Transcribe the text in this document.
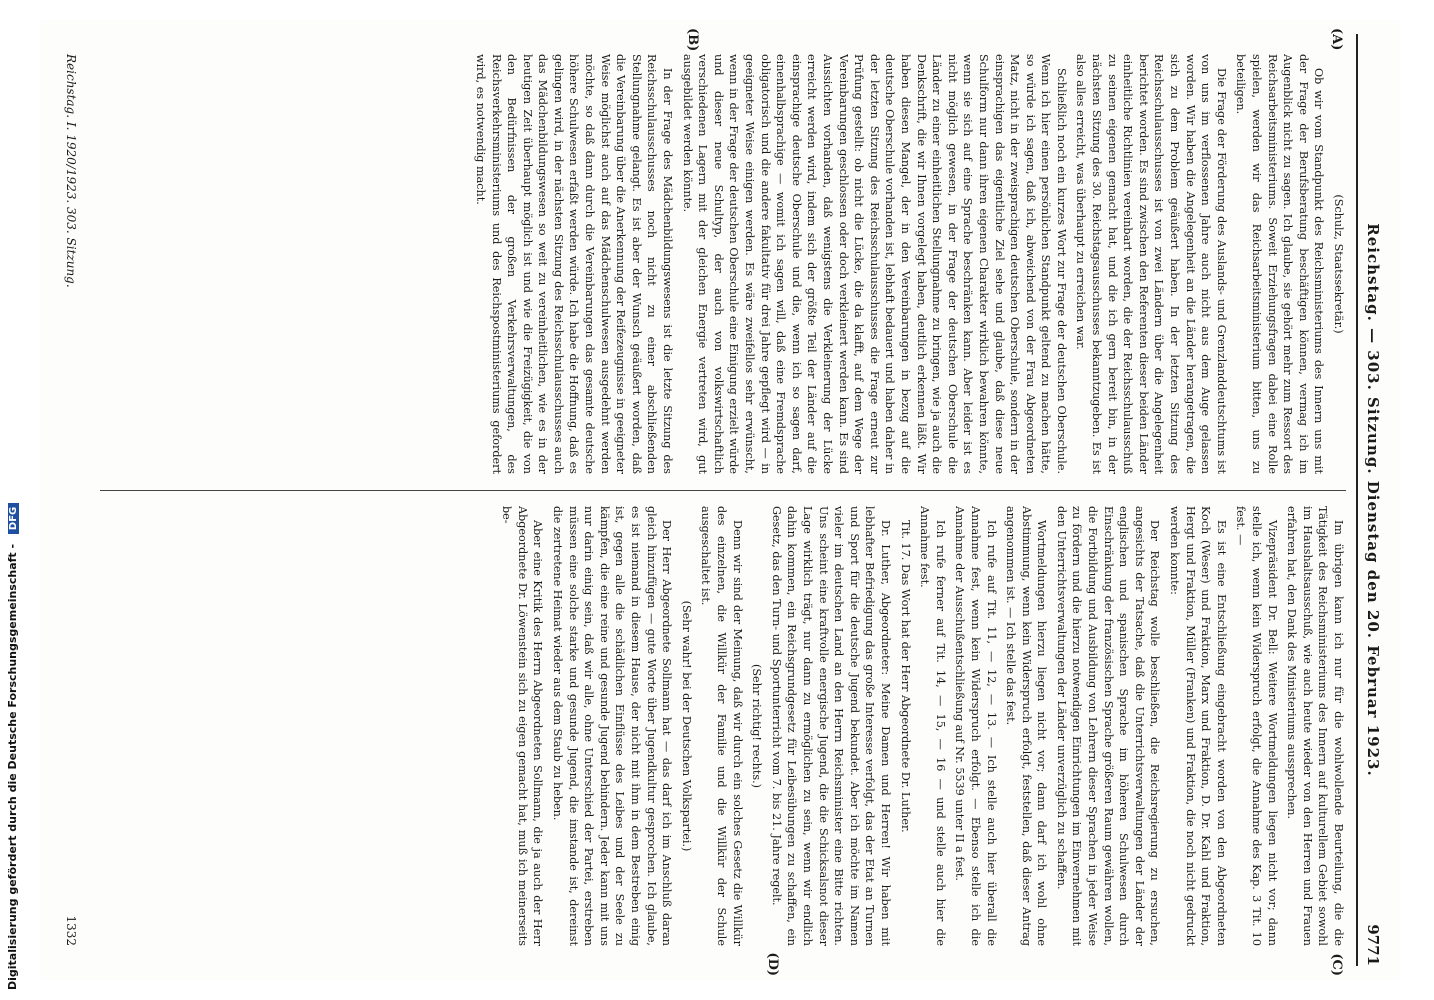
Digitalisierung gefördert durch die Deutsche Forschungsgemeinschaft - DFG	Reichstag. — 303. Sitzung. Dienstag den 20. Februar 1923.
9771
(A)
(B)
(C)
(D)

(Schulz, Staatssekretär.)

Ob wir vom Standpunkt des Reichsministeriums des Innern uns mit der Frage der Berufsberatung beschäftigen können, vermag ich im Augenblick nicht zu sagen. Ich glaube, sie gehört mehr zum Ressort des Reichsarbeitsministeriums. Soweit Erziehungsfragen dabei eine Rolle spielen, werden wir das Reichsarbeitsministerium bitten, uns zu beteiligen.

Die Frage der Förderung des Auslands- und Grenzlanddeutschtums ist von uns im verflossenen Jahre auch nicht aus dem Auge gelassen worden. Wir haben die Angelegenheit an die Länder herangetragen, die sich zu dem Problem geäußert haben. In der letzten Sitzung des Reichsschulausschusses ist von zwei Ländern über die Angelegenheit berichtet worden. Es sind zwischen den Referenten dieser beiden Länder einheitliche Richtlinien vereinbart worden, die der Reichsschulausschuß zu seinen eigenen gemacht hat, und die ich gern bereit bin, in der nächsten Sitzung des 30. Reichstagsausschusses bekanntzugeben. Es ist also alles erreicht, was überhaupt zu erreichen war.

Schließlich noch ein kurzes Wort zur Frage der deutschen Oberschule. Wenn ich hier einen persönlichen Standpunkt geltend zu machen hätte, so würde ich sagen, daß ich, abweichend von der Frau Abgeordneten Matz, nicht in der zweisprachigen deutschen Oberschule, sondern in der einsprachigen das eigentliche Ziel sehe und glaube, daß diese neue Schulform nur dann ihren eigenen Charakter wirklich bewahren könnte, wenn sie sich auf eine Sprache beschränken kann. Aber leider ist es nicht möglich gewesen, in der Frage der deutschen Oberschule die Länder zu einer einheitlichen Stellungnahme zu bringen, wie ja auch die Denkschrift, die wir Ihnen vorgelegt haben, deutlich erkennen läßt. Wir haben diesen Mangel, der in den Vereinbarungen in bezug auf die deutsche Oberschule vorhanden ist, lebhaft bedauert und haben daher in der letzten Sitzung des Reichsschulausschusses die Frage erneut zur Prüfung gestellt: ob nicht die Lücke, die da klafft, auf dem Wege der Vereinbarungen geschlossen oder doch verkleinert werden kann. Es sind Aussichten vorhanden, daß wenigstens die Verkleinerung der Lücke erreicht werden wird, indem sich der größte Teil der Länder auf die einsprachige deutsche Oberschule und die, wenn ich so sagen darf, einenhalbsprachige — womit ich sagen will, daß eine Fremdsprache obligatorisch und die andere fakultativ für drei Jahre gepflegt wird — in geeigneter Weise einigen werden. Es wäre zweifellos sehr erwünscht, wenn in der Frage der deutschen Oberschule eine Einigung erzielt würde und dieser neue Schultyp, der auch von volkswirtschaftlich verschiedenen Lagern mit der gleichen Energie vertreten wird, gut ausgebildet werden könnte.

In der Frage des Mädchenbildungswesens ist die letzte Sitzung des Reichsschulausschusses noch nicht zu einer abschließenden Stellungnahme gelangt. Es ist aber der Wunsch geäußert worden, daß die Vereinbarung über die Anerkennung der Reifezeugnisse in geeigneter Weise möglichst auch auf das Mädchenschulwesen ausgedehnt werden möchte, so daß dann durch die Vereinbarungen das gesamte deutsche höhere Schulwesen erfaßt werden würde. Ich habe die Hoffnung, daß es gelingen wird, in der nächsten Sitzung des Reichsschulausschusses auch das Mädchenbildungswesen so weit zu vereinheitlichen, wie es in der heutigen Zeit überhaupt möglich ist und wie die Freizügigkeit, die von den Bedürfnissen der großen Verkehrsverwaltungen, des Reichsverkehrsministeriums und des Reichspostministeriums gefordert wird, es notwendig macht.

Im übrigen kann ich nur für die wohlwollende Beurteilung, die die Tätigkeit des Reichsministeriums des Innern auf kulturellem Gebiet sowohl im Haushaltsausschuß, wie auch heute wieder von den Herren und Frauen erfahren hat, den Dank des Ministeriums aussprechen.

Vizepräsident Dr. Bell: Weitere Wortmeldungen liegen nicht vor; dann stelle ich, wenn kein Widerspruch erfolgt, die Annahme des Kap. 3 Tit. 10 fest. —

Es ist eine Entschließung eingebracht worden von den Abgeordneten Koch (Weser) und Fraktion, Marx und Fraktion, D. Dr. Kahl und Fraktion, Hergt und Fraktion, Müller (Franken) und Fraktion, die noch nicht gedruckt werden konnte:

Der Reichstag wolle beschließen, die Reichsregierung zu ersuchen, angesichts der Tatsache, daß die Unterrichtsverwaltungen der Länder der englischen und spanischen Sprache im höheren Schulwesen durch Einschränkung der französischen Sprache größeren Raum gewähren wollen, die Fortbildung und Ausbildung von Lehrern dieser Sprachen in jeder Weise zu fördern und die hierzu notwendigen Einrichtungen im Einvernehmen mit den Unterrichtsverwaltungen der Länder unverzüglich zu schaffen.

Wortmeldungen hierzu liegen nicht vor; dann darf ich wohl ohne Abstimmung, wenn kein Widerspruch erfolgt, feststellen, daß dieser Antrag angenommen ist. — Ich stelle das fest.

Ich rufe auf Tit. 11, — 12, — 13. — Ich stelle auch hier überall die Annahme fest, wenn kein Widerspruch erfolgt. — Ebenso stelle ich die Annahme der Ausschußentschließung auf Nr. 5539 unter II a fest.

Ich rufe ferner auf Tit. 14, — 15, — 16 — und stelle auch hier die Annahme fest.

Tit. 17. Das Wort hat der Herr Abgeordnete Dr. Luther.

Dr. Luther, Abgeordneter: Meine Damen und Herren! Wir haben mit lebhafter Befriedigung das große Interesse verfolgt, das der Etat an Turnen und Sport für die deutsche Jugend bekundet. Aber ich möchte im Namen vieler im deutschen Land an den Herrn Reichsminister eine Bitte richten. Uns scheint eine kraftvolle energische Jugend, die die Schicksalsnot dieser Lage wirklich trägt, nur dann zu ermöglichen zu sein, wenn wir endlich dahin kommen, ein Reichsgrundgesetz für Leibesübungen zu schaffen, ein Gesetz, das den Turn- und Sportunterricht vom 7. bis 21. Jahre regelt.

(Sehr richtig! rechts.)

Denn wir sind der Meinung, daß wir durch ein solches Gesetz die Willkür des einzelnen, die Willkür der Familie und die Willkür der Schule ausgeschaltet ist.

(Sehr wahr! bei der Deutschen Volkspartei.)

Der Herr Abgeordnete Sollmann hat — das darf ich im Anschluß daran gleich hinzufügen — gute Worte über Jugendkultur gesprochen. Ich glaube, es ist niemand in diesem Hause, der nicht mit ihm in dem Bestreben einig ist, gegen alle die schädlichen Einflüsse des Leibes und der Seele zu kämpfen, die eine reine und gesunde Jugend behindern. Jeder kann mit uns nur darin einig sein, daß wir alle, ohne Unterschied der Partei, erstreben müssen eine solche starke und gesunde Jugend, die imstande ist, dereinst die zertretene Heimat wieder aus dem Staub zu heben.

Aber eine Kritik des Herrn Abgeordneten Sollmann, die ja auch der Herr Abgeordnete Dr. Löwenstein sich zu eigen gemacht hat, muß ich meinerseits be-

Reichstag. I. 1920/1923. 303. Sitzung.
1332
